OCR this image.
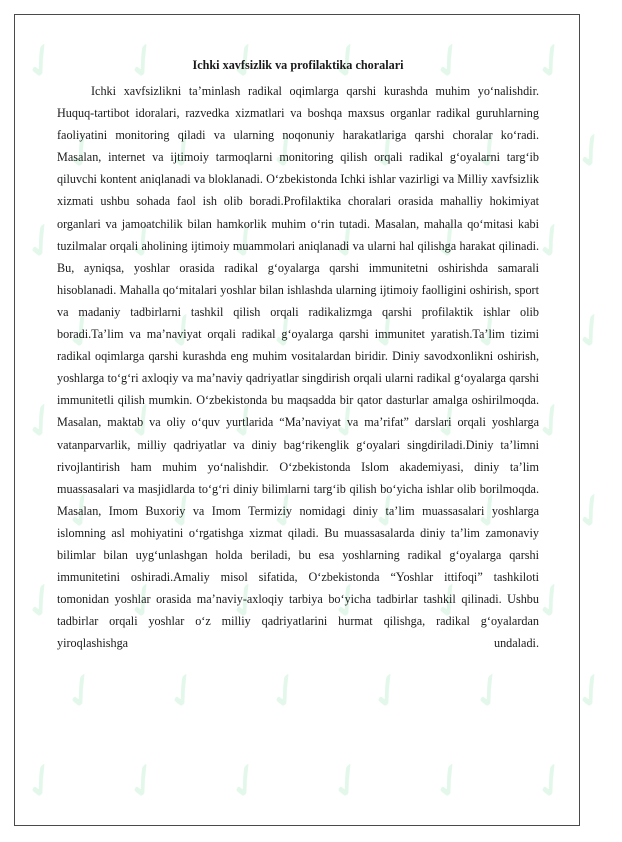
✓ ✓ ✓ ✓ ✓ ✓
✓ ✓ ✓ ✓ ✓ ✓
✓ ✓ ✓ ✓ ✓ ✓
✓ ✓ ✓ ✓ ✓ ✓
✓ ✓ ✓ ✓ ✓ ✓
✓ ✓ ✓ ✓ ✓ ✓
✓ ✓ ✓ ✓ ✓ ✓
✓ ✓ ✓ ✓ ✓ ✓
✓ ✓ ✓ ✓ ✓ ✓
Ichki xavfsizlik va profilaktika choralari

Ichki xavfsizlikni ta’minlash radikal oqimlarga qarshi kurashda muhim yo‘nalishdir. Huquq-tartibot idoralari, razvedka xizmatlari va boshqa maxsus organlar radikal guruhlarning faoliyatini monitoring qiladi va ularning noqonuniy harakatlariga qarshi choralar ko‘radi. Masalan, internet va ijtimoiy tarmoqlarni monitoring qilish orqali radikal g‘oyalarni targ‘ib qiluvchi kontent aniqlanadi va bloklanadi. O‘zbekistonda Ichki ishlar vazirligi va Milliy xavfsizlik xizmati ushbu sohada faol ish olib boradi.Profilaktika choralari orasida mahalliy hokimiyat organlari va jamoatchilik bilan hamkorlik muhim o‘rin tutadi. Masalan, mahalla qo‘mitasi kabi tuzilmalar orqali aholining ijtimoiy muammolari aniqlanadi va ularni hal qilishga harakat qilinadi. Bu, ayniqsa, yoshlar orasida radikal g‘oyalarga qarshi immunitetni oshirishda samarali hisoblanadi. Mahalla qo‘mitalari yoshlar bilan ishlashda ularning ijtimoiy faolligini oshirish, sport va madaniy tadbirlarni tashkil qilish orqali radikalizmga qarshi profilaktik ishlar olib boradi.Ta’lim va ma’naviyat orqali radikal g‘oyalarga qarshi immunitet yaratish.Ta’lim tizimi radikal oqimlarga qarshi kurashda eng muhim vositalardan biridir. Diniy savodxonlikni oshirish, yoshlarga to‘g‘ri axloqiy va ma’naviy qadriyatlar singdirish orqali ularni radikal g‘oyalarga qarshi immunitetli qilish mumkin. O‘zbekistonda bu maqsadda bir qator dasturlar amalga oshirilmoqda. Masalan, maktab va oliy o‘quv yurtlarida “Ma’naviyat va ma’rifat” darslari orqali yoshlarga vatanparvarlik, milliy qadriyatlar va diniy bag‘rikenglik g‘oyalari singdiriladi.Diniy ta’limni rivojlantirish ham muhim yo‘nalishdir. O‘zbekistonda Islom akademiyasi, diniy ta’lim muassasalari va masjidlarda to‘g‘ri diniy bilimlarni targ‘ib qilish bo‘yicha ishlar olib borilmoqda. Masalan, Imom Buxoriy va Imom Termiziy nomidagi diniy ta’lim muassasalari yoshlarga islomning asl mohiyatini o‘rgatishga xizmat qiladi. Bu muassasalarda diniy ta’lim zamonaviy bilimlar bilan uyg‘unlashgan holda beriladi, bu esa yoshlarning radikal g‘oyalarga qarshi immunitetini oshiradi.Amaliy misol sifatida, O‘zbekistonda “Yoshlar ittifoqi” tashkiloti tomonidan yoshlar orasida ma’naviy-axloqiy tarbiya bo‘yicha tadbirlar tashkil qilinadi. Ushbu tadbirlar orqali yoshlar o‘z milliy qadriyatlarini hurmat qilishga, radikal g‘oyalardan yiroqlashishga undaladi.
